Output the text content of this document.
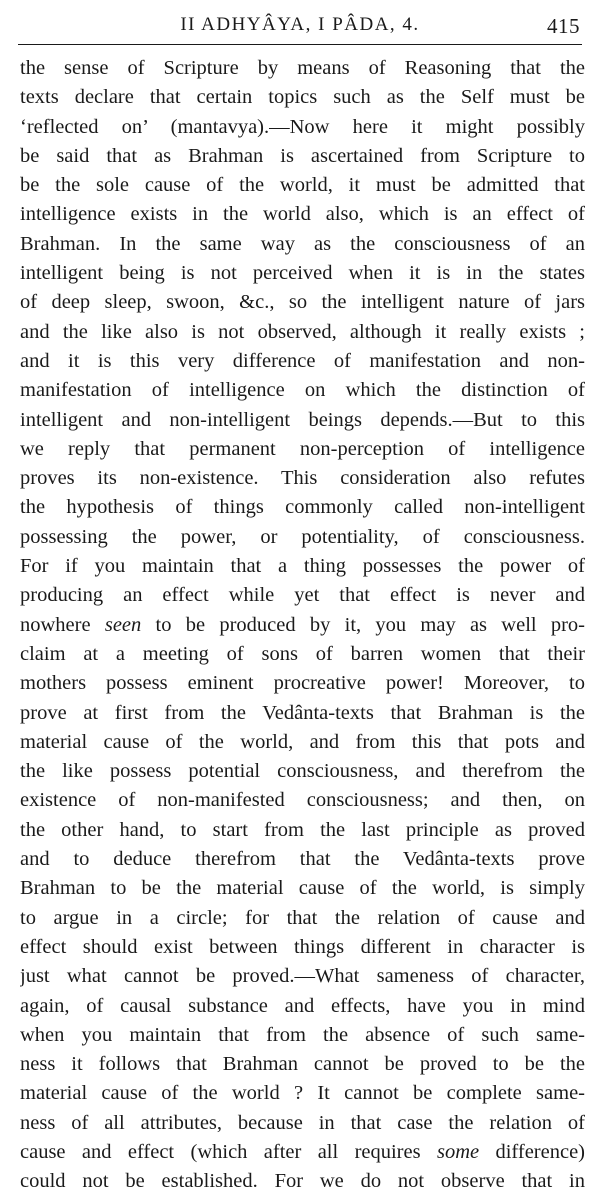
II ADHYÂYA, I PÂDA, 4.	415
the sense of Scripture by means of Reasoning that the
texts declare that certain topics such as the Self must be
‘reflected on’ (mantavya).—Now here it might possibly
be said that as Brahman is ascertained from Scripture to
be the sole cause of the world, it must be admitted that
intelligence exists in the world also, which is an effect of
Brahman. In the same way as the consciousness of an
intelligent being is not perceived when it is in the states
of deep sleep, swoon, &c., so the intelligent nature of jars
and the like also is not observed, although it really exists ;
and it is this very difference of manifestation and non-
manifestation of intelligence on which the distinction of
intelligent and non-intelligent beings depends.—But to this
we reply that permanent non-perception of intelligence
proves its non-existence. This consideration also refutes
the hypothesis of things commonly called non-intelligent
possessing the power, or potentiality, of consciousness.
For if you maintain that a thing possesses the power of
producing an effect while yet that effect is never and
nowhere seen to be produced by it, you may as well pro-
claim at a meeting of sons of barren women that their
mothers possess eminent procreative power! Moreover, to
prove at first from the Vedânta-texts that Brahman is the
material cause of the world, and from this that pots and
the like possess potential consciousness, and therefrom the
existence of non-manifested consciousness; and then, on
the other hand, to start from the last principle as proved
and to deduce therefrom that the Vedânta-texts prove
Brahman to be the material cause of the world, is simply
to argue in a circle; for that the relation of cause and
effect should exist between things different in character is
just what cannot be proved.—What sameness of character,
again, of causal substance and effects, have you in mind
when you maintain that from the absence of such same-
ness it follows that Brahman cannot be proved to be the
material cause of the world ? It cannot be complete same-
ness of all attributes, because in that case the relation of
cause and effect (which after all requires some difference)
could not be established. For we do not observe that in
